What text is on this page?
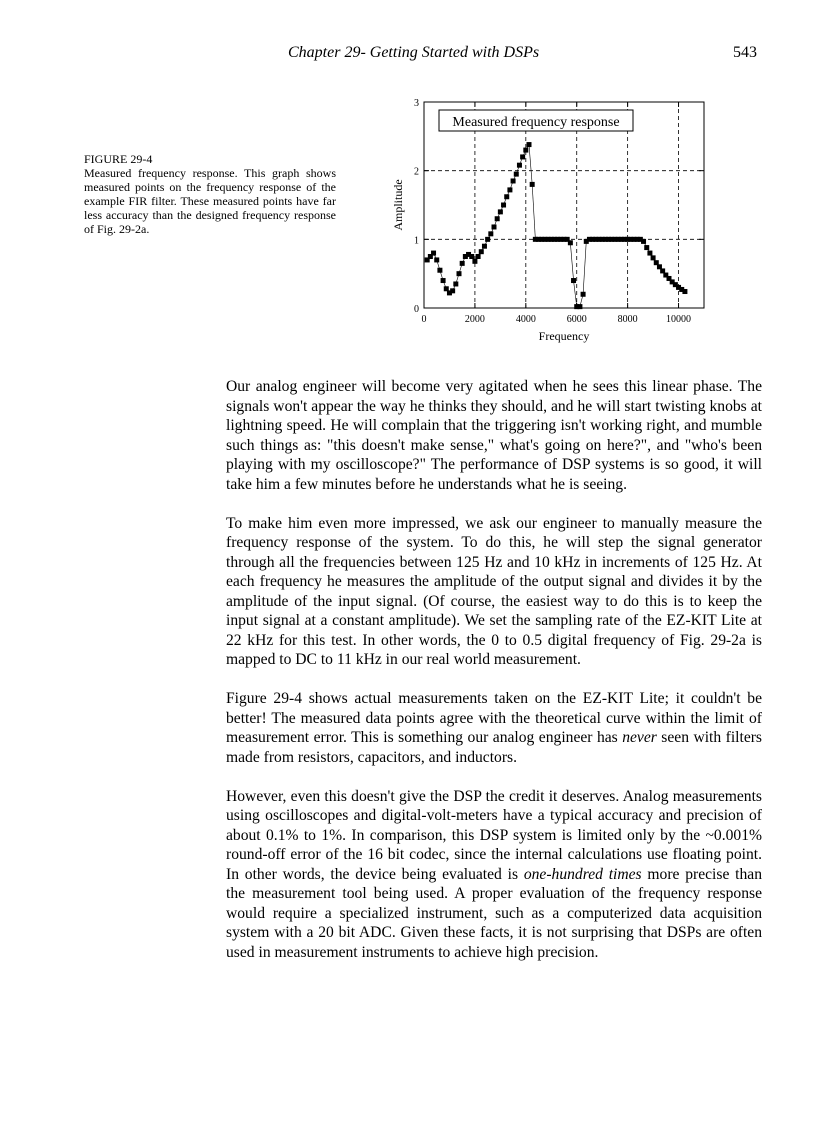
Chapter 29- Getting Started with DSPs	543
FIGURE 29-4
Measured frequency response. This graph shows measured points on the frequency response of the example FIR filter. These measured points have far less accuracy than the designed frequency response of Fig. 29-2a.
0	2000	4000	6000	8000	10000
0
1
2
3
Measured frequency response
Frequency
Amplitude

Our analog engineer will become very agitated when he sees this linear phase. The signals won't appear the way he thinks they should, and he will start twisting knobs at lightning speed. He will complain that the triggering isn't working right, and mumble such things as: "this doesn't make sense," what's going on here?", and "who's been playing with my oscilloscope?" The performance of DSP systems is so good, it will take him a few minutes before he understands what he is seeing.

To make him even more impressed, we ask our engineer to manually measure the frequency response of the system. To do this, he will step the signal generator through all the frequencies between 125 Hz and 10 kHz in increments of 125 Hz. At each frequency he measures the amplitude of the output signal and divides it by the amplitude of the input signal. (Of course, the easiest way to do this is to keep the input signal at a constant amplitude). We set the sampling rate of the EZ-KIT Lite at 22 kHz for this test. In other words, the 0 to 0.5 digital frequency of Fig. 29-2a is mapped to DC to 11 kHz in our real world measurement.

Figure 29-4 shows actual measurements taken on the EZ-KIT Lite; it couldn't be better! The measured data points agree with the theoretical curve within the limit of measurement error. This is something our analog engineer has never seen with filters made from resistors, capacitors, and inductors.

However, even this doesn't give the DSP the credit it deserves. Analog measurements using oscilloscopes and digital-volt-meters have a typical accuracy and precision of about 0.1% to 1%. In comparison, this DSP system is limited only by the ~0.001% round-off error of the 16 bit codec, since the internal calculations use floating point. In other words, the device being evaluated is one-hundred times more precise than the measurement tool being used. A proper evaluation of the frequency response would require a specialized instrument, such as a computerized data acquisition system with a 20 bit ADC. Given these facts, it is not surprising that DSPs are often used in measurement instruments to achieve high precision.
